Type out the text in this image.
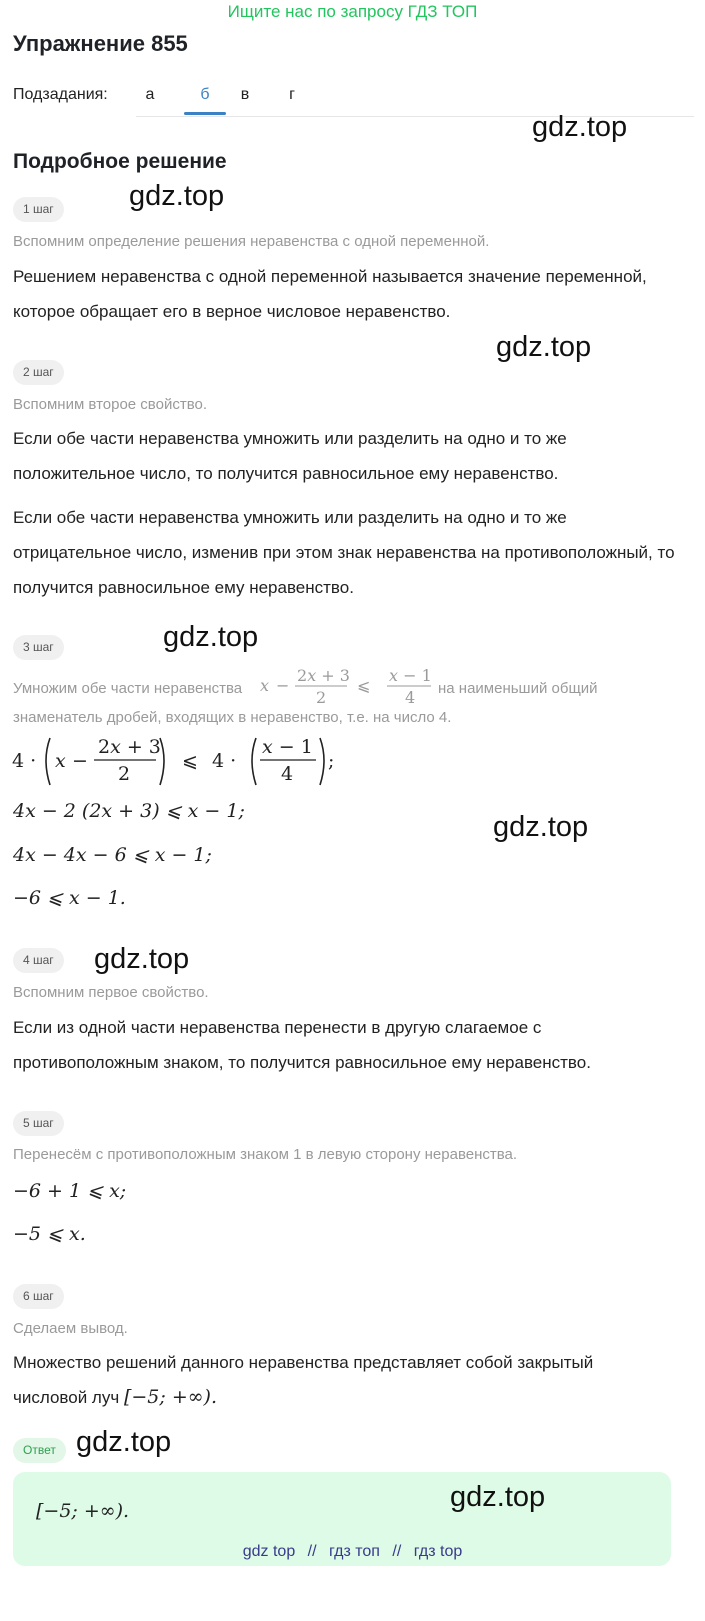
Ищите нас по запросу ГДЗ ТОП
Упражнение 855
Подзадания:	а	б	в	г
gdz.top
Подробное решение
1 шаг	gdz.top
Вспомним определение решения неравенства с одной переменной.
Решением неравенства с одной переменной называется значение переменной, которое обращает его в верное числовое неравенство.
gdz.top
2 шаг
Вспомним второе свойство.
Если обе части неравенства умножить или разделить на одно и то же положительное число, то получится равносильное ему неравенство.
Если обе части неравенства умножить или разделить на одно и то же отрицательное число, изменив при этом знак неравенства на противоположный, то получится равносильное ему неравенство.
3 шаг	gdz.top
Умножим обе части неравенства x −
2x + 3
2
⩽
x − 1
4 на наименьший общий
знаменатель дробей, входящих в неравенство, т.е. на число 4.
4 · x −
2x + 3
2
⩽ 4 ·
x − 1
4
;
4x − 2 (2x + 3) ⩽ x − 1;	gdz.top
4x − 4x − 6 ⩽ x − 1;
−6 ⩽ x − 1.
4 шаг	gdz.top
Вспомним первое свойство.
Если из одной части неравенства перенести в другую слагаемое с противоположным знаком, то получится равносильное ему неравенство.
5 шаг
Перенесём с противоположным знаком 1 в левую сторону неравенства.
−6 + 1 ⩽ x;
−5 ⩽ x.
6 шаг
Сделаем вывод.
Множество решений данного неравенства представляет собой закрытый
числовой луч [−5; +∞).
Ответ gdz.top
[−5; +∞).	gdz.top
gdz top // гдз топ // гдз top
